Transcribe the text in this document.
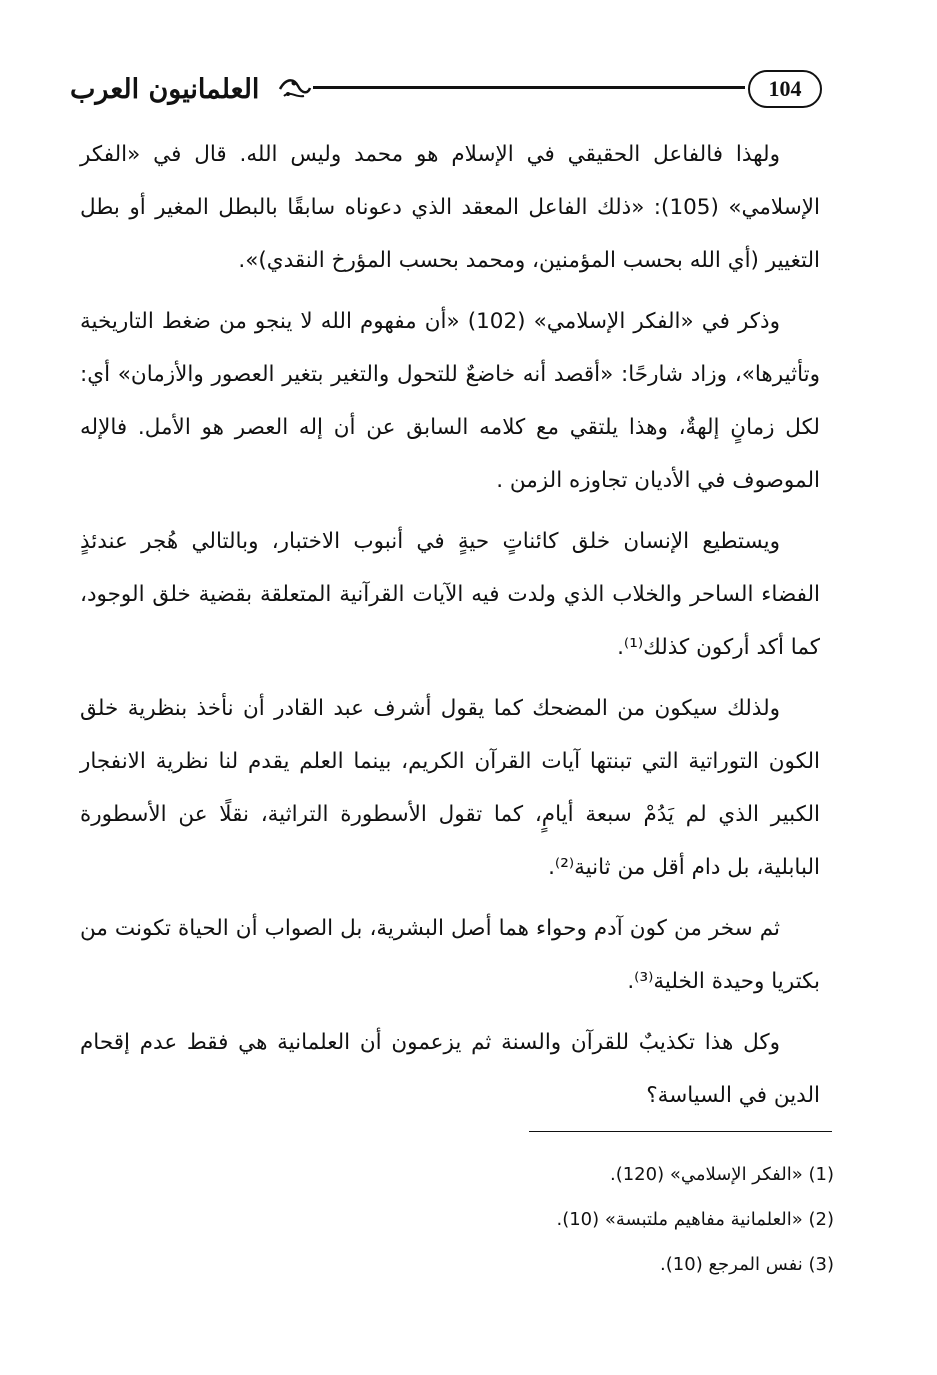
العلمانيون العرب	104

ولهذا فالفاعل الحقيقي في الإسلام هو محمد وليس الله. قال في «الفكر الإسلامي» (105): «ذلك الفاعل المعقد الذي دعوناه سابقًا بالبطل المغير أو بطل التغيير (أي الله بحسب المؤمنين، ومحمد بحسب المؤرخ النقدي)».

وذكر في «الفكر الإسلامي» (102) «أن مفهوم الله لا ينجو من ضغط التاريخية وتأثيرها»، وزاد شارحًا: «أقصد أنه خاضعٌ للتحول والتغير بتغير العصور والأزمان» أي: لكل زمانٍ إلهةٌ، وهذا يلتقي مع كلامه السابق عن أن إله العصر هو الأمل. فالإله الموصوف في الأديان تجاوزه الزمن .

ويستطيع الإنسان خلق كائناتٍ حيةٍ في أنبوب الاختبار، وبالتالي هُجر عندئذٍ الفضاء الساحر والخلاب الذي ولدت فيه الآيات القرآنية المتعلقة بقضية خلق الوجود، كما أكد أركون كذلك⁽¹⁾.

ولذلك سيكون من المضحك كما يقول أشرف عبد القادر أن نأخذ بنظرية خلق الكون التوراتية التي تبنتها آيات القرآن الكريم، بينما العلم يقدم لنا نظرية الانفجار الكبير الذي لم يَدُمْ سبعة أيامٍ، كما تقول الأسطورة التراثية، نقلًا عن الأسطورة البابلية، بل دام أقل من ثانية⁽²⁾.

ثم سخر من كون آدم وحواء هما أصل البشرية، بل الصواب أن الحياة تكونت من بكتريا وحيدة الخلية⁽³⁾.

وكل هذا تكذيبٌ للقرآن والسنة ثم يزعمون أن العلمانية هي فقط عدم إقحام الدين في السياسة؟

(1) «الفكر الإسلامي» (120).

(2) «العلمانية مفاهيم ملتبسة» (10).

(3) نفس المرجع (10).
